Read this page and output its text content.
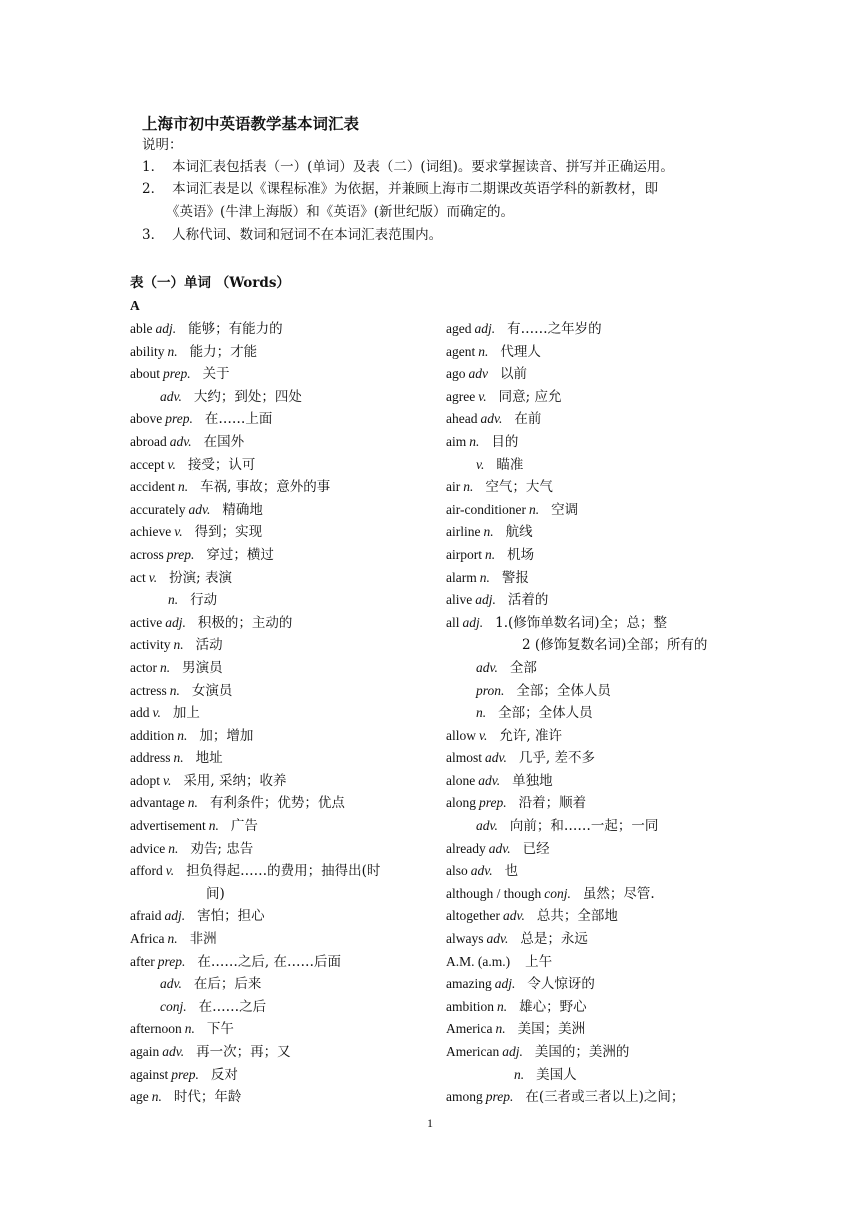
上海市初中英语教学基本词汇表
说明：
1． 本词汇表包括表（一）(单词）及表（二）(词组)。要求掌握读音、拼写并正确运用。
2． 本词汇表是以《课程标准》为依据，并兼顾上海市二期课改英语学科的新教材，即
《英语》(牛津上海版）和《英语》(新世纪版）而确定的。
3． 人称代词、数词和冠词不在本词汇表范围内。
表（一）单词 （Words）
A
able adj. 能够；有能力的
ability n. 能力；才能
about prep. 关于
adv. 大约；到处；四处
above prep. 在……上面
abroad adv. 在国外
accept v. 接受；认可
accident n. 车祸, 事故；意外的事
accurately adv. 精确地
achieve v. 得到；实现
across prep. 穿过；横过
act v. 扮演; 表演
n. 行动
active adj. 积极的；主动的
activity n. 活动
actor n. 男演员
actress n. 女演员
add v. 加上
addition n. 加；增加
address n. 地址
adopt v. 采用, 采纳；收养
advantage n. 有利条件；优势；优点
advertisement n. 广告
advice n. 劝告; 忠告
afford v. 担负得起……的费用；抽得出(时
间)
afraid adj. 害怕；担心
Africa n. 非洲
after prep. 在……之后, 在……后面
adv. 在后；后来
conj. 在……之后
afternoon n. 下午
again adv. 再一次；再；又
against prep. 反对
age n. 时代；年龄
aged adj. 有……之年岁的
agent n. 代理人
ago adv 以前
agree v. 同意; 应允
ahead adv. 在前
aim n. 目的
v. 瞄准
air n. 空气；大气
air-conditioner n. 空调
airline n. 航线
airport n. 机场
alarm n. 警报
alive adj. 活着的
all adj. 1.(修饰单数名词)全；总；整
2 (修饰复数名词)全部；所有的
adv. 全部
pron. 全部；全体人员
n. 全部；全体人员
allow v. 允许, 准许
almost adv. 几乎, 差不多
alone adv. 单独地
along prep. 沿着；顺着
adv. 向前；和……一起；一同
already adv. 已经
also adv. 也
although / though conj. 虽然；尽管.
altogether adv. 总共；全部地
always adv. 总是；永远
A.M. (a.m.) 上午
amazing adj. 令人惊讶的
ambition n. 雄心；野心
America n. 美国；美洲
American adj. 美国的；美洲的
n. 美国人
among prep. 在(三者或三者以上)之间；
1
